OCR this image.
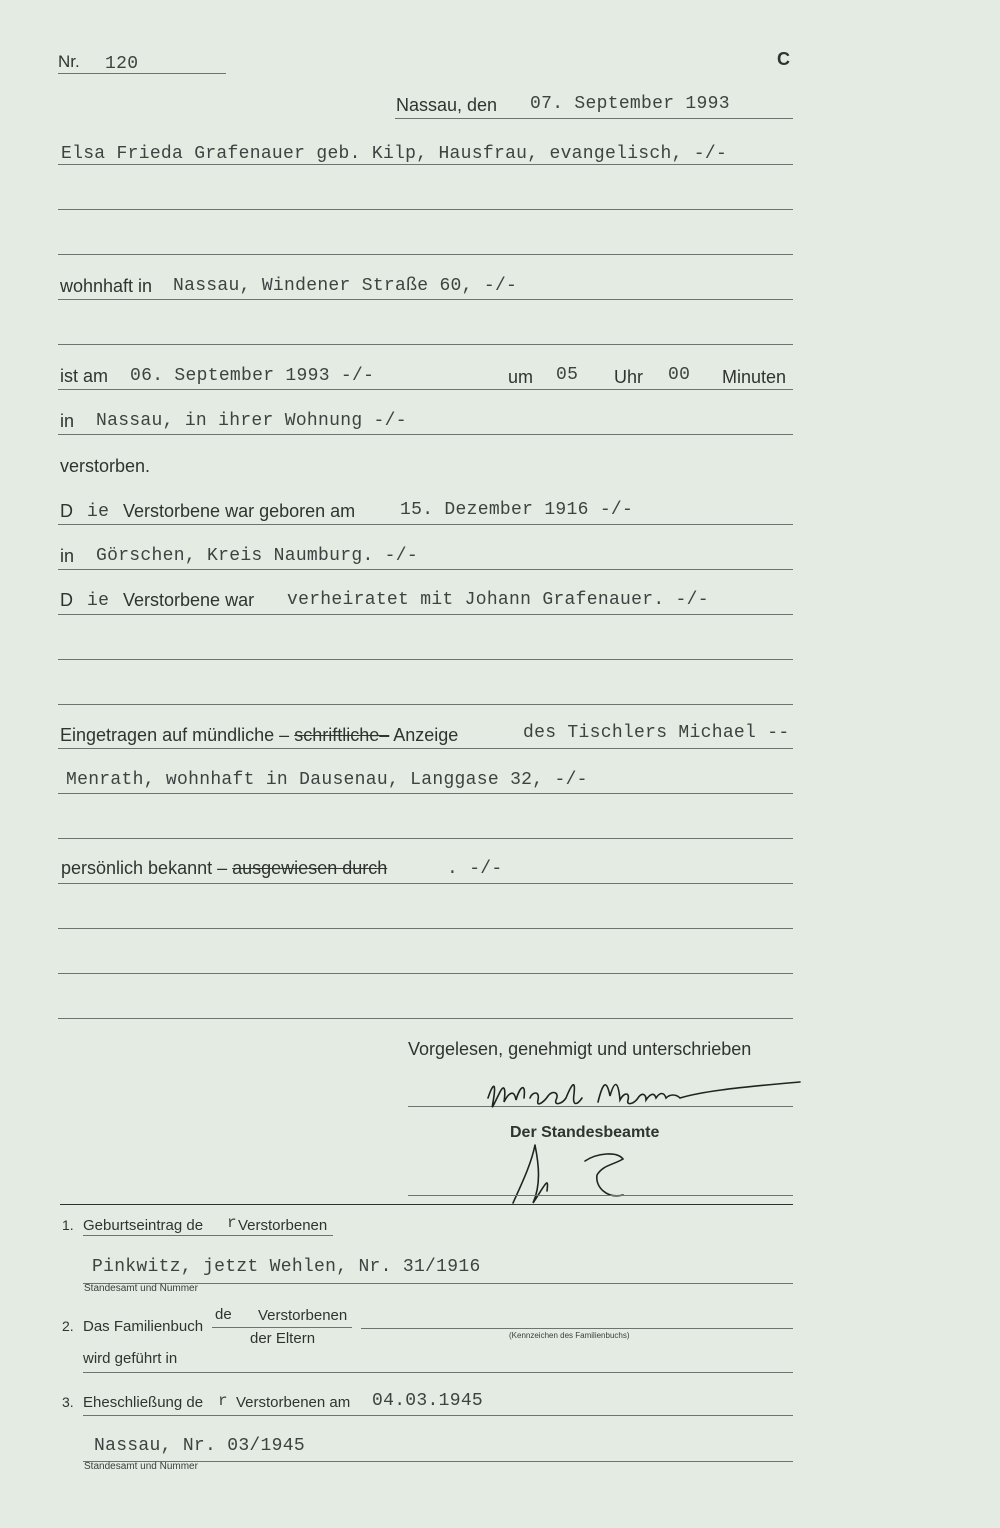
Nr. 120	C
Nassau, den 07. September 1993
Elsa Frieda Grafenauer geb. Kilp, Hausfrau, evangelisch, -/-
wohnhaft in Nassau, Windener Straße 60, -/-
ist am 06. September 1993 -/-	um 05 Uhr 00 Minuten
in Nassau, in ihrer Wohnung -/-
verstorben.
D ie Verstorbene war geboren am 15. Dezember 1916 -/-
in Görschen, Kreis Naumburg. -/-
D ie Verstorbene war verheiratet mit Johann Grafenauer. -/-
Eingetragen auf mündliche – schriftliche– Anzeige	des Tischlers Michael --
Menrath, wohnhaft in Dausenau, Langgase 32, -/-
persönlich bekannt – ausgewiesen durch	. -/-
Vorgelesen, genehmigt und unterschrieben
Der Standesbeamte
1. Geburtseintrag de r Verstorbenen
Pinkwitz, jetzt Wehlen, Nr. 31/1916
Standesamt und Nummer
2. Das Familienbuch
de Verstorbenen
der Eltern	(Kennzeichen des Familienbuchs)
wird geführt in
3. Eheschließung de r Verstorbenen am 04.03.1945
Nassau, Nr. 03/1945
Standesamt und Nummer
